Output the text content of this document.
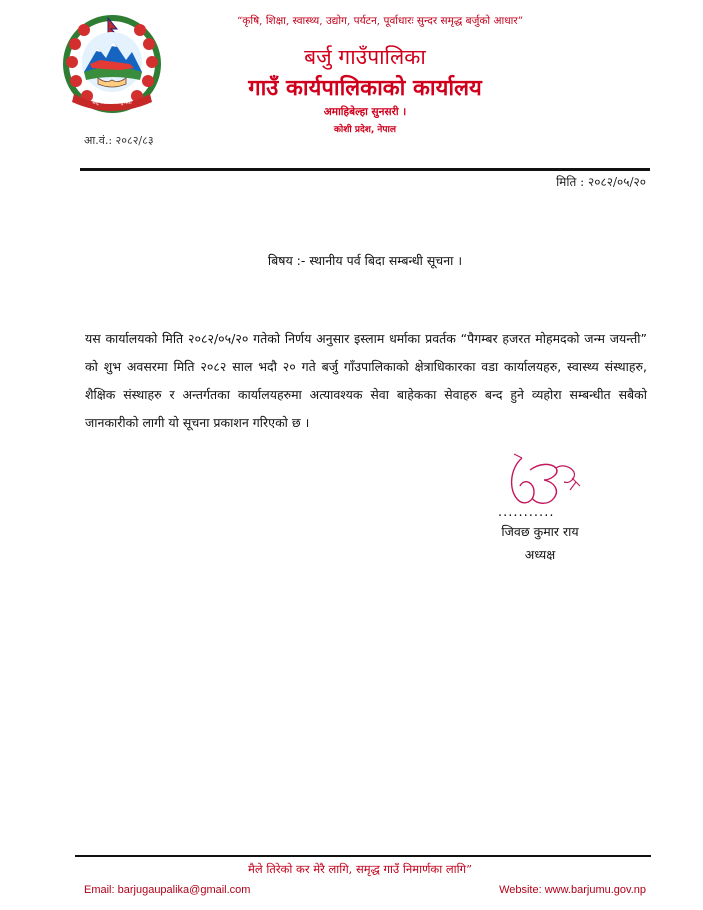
बर्जु गाउँपालिका सुनसरी
“कृषि, शिक्षा, स्वास्थ्य, उद्योग, पर्यटन, पूर्वाधारः सुन्दर समृद्ध बर्जुको आधार”
बर्जु गाउँपालिका
गाउँ कार्यपालिकाको कार्यालय
अमाहिबेल्हा सुनसरी ।
कोशी प्रदेश, नेपाल
आ.वं.: २०८२/८३
मिति : २०८२/०५/२०
बिषय :- स्थानीय पर्व बिदा सम्बन्धी सूचना ।
यस कार्यालयको मिति २०८२/०५/२० गतेको निर्णय अनुसार इस्लाम धर्माका प्रवर्तक “पैगम्बर हजरत मोहमदको जन्म जयन्ती” को शुभ अवसरमा मिति २०८२ साल भदौ २० गते बर्जु गाँउपालिकाको क्षेत्राधिकारका वडा कार्यालयहरु, स्वास्थ्य संस्थाहरु, शैक्षिक संस्थाहरु र अन्तर्गतका कार्यालयहरुमा अत्यावश्यक सेवा बाहेकका सेवाहरु बन्द हुने व्यहोरा सम्बन्धीत सबैको जानकारीको लागी यो सूचना प्रकाशन गरिएको छ ।
...........
जिवछ कुमार राय
अध्यक्ष
मैले तिरेको कर मेरै लागि, समृद्ध गाउँ निमार्णका लागि”
Email: barjugaupalika@gmail.com	Website: www.barjumu.gov.np
